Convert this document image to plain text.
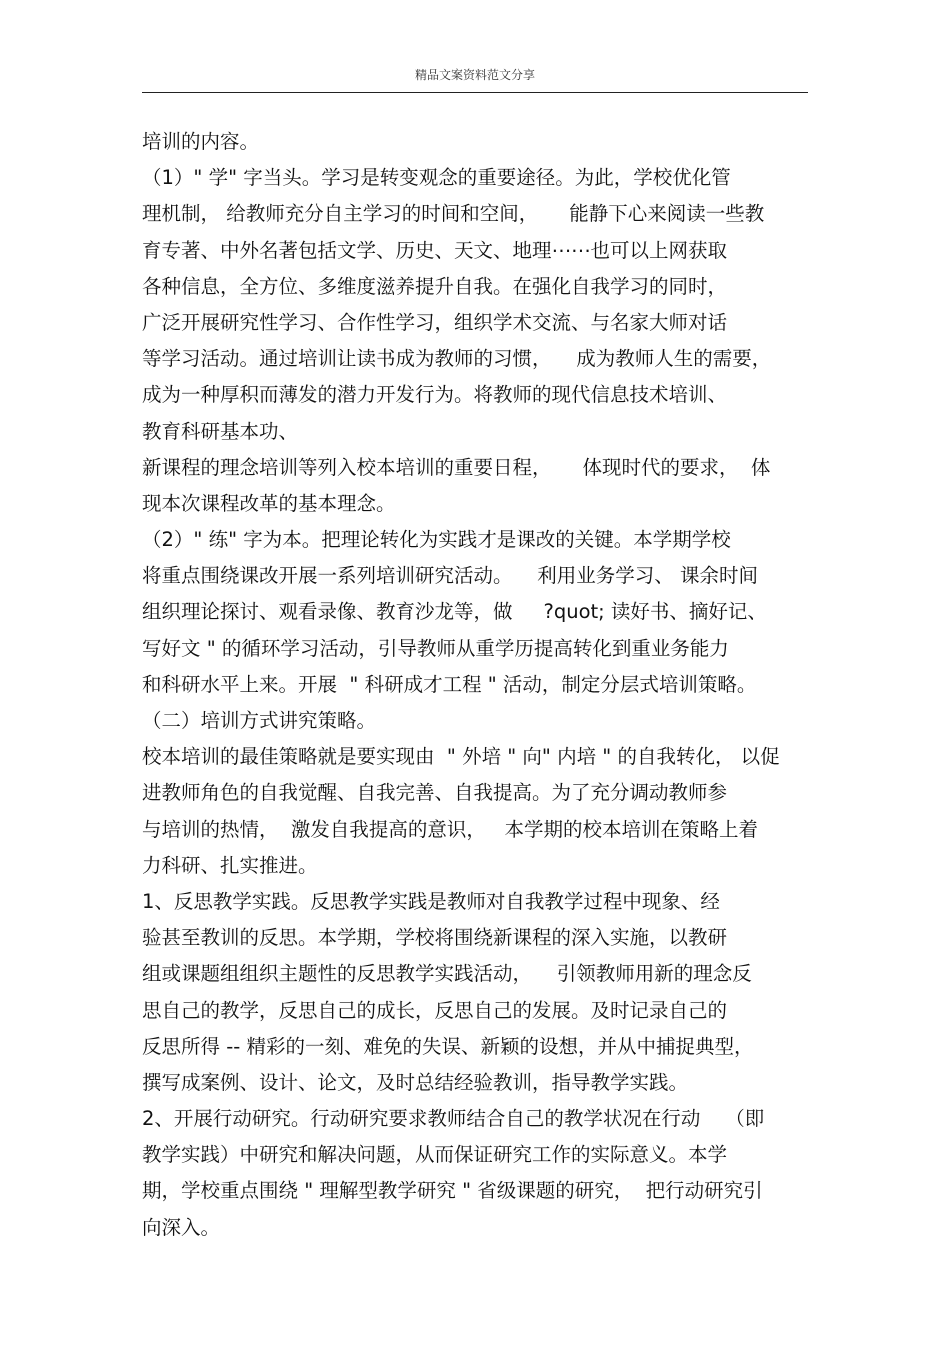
精品文案资料范文分享
培训的内容。
（1）" 学" 字当头。学习是转变观念的重要途径。为此，学校优化管
理机制， 给教师充分自主学习的时间和空间，     能静下心来阅读一些教
育专著、中外名著包括文学、历史、天文、地理⋯⋯也可以上网获取
各种信息，全方位、多维度滋养提升自我。在强化自我学习的同时，
广泛开展研究性学习、合作性学习，组织学术交流、与名家大师对话
等学习活动。通过培训让读书成为教师的习惯，    成为教师人生的需要，
成为一种厚积而薄发的潜力开发行为。将教师的现代信息技术培训、
教育科研基本功、
新课程的理念培训等列入校本培训的重要日程，     体现时代的要求，  体
现本次课程改革的基本理念。
（2）" 练" 字为本。把理论转化为实践才是课改的关键。本学期学校
将重点围绕课改开展一系列培训研究活动。    利用业务学习、 课余时间
组织理论探讨、观看录像、教育沙龙等，做     ?quot; 读好书、摘好记、
写好文 " 的循环学习活动，引导教师从重学历提高转化到重业务能力
和科研水平上来。开展  " 科研成才工程 " 活动，制定分层式培训策略。
（二）培训方式讲究策略。
校本培训的最佳策略就是要实现由  " 外培 " 向" 内培 " 的自我转化， 以促
进教师角色的自我觉醒、自我完善、自我提高。为了充分调动教师参
与培训的热情，  激发自我提高的意识，   本学期的校本培训在策略上着
力科研、扎实推进。
1、反思教学实践。反思教学实践是教师对自我教学过程中现象、经
验甚至教训的反思。本学期，学校将围绕新课程的深入实施，以教研
组或课题组组织主题性的反思教学实践活动，    引领教师用新的理念反
思自己的教学，反思自己的成长，反思自己的发展。及时记录自己的
反思所得 -- 精彩的一刻、难免的失误、新颖的设想，并从中捕捉典型，
撰写成案例、设计、论文，及时总结经验教训，指导教学实践。
2、开展行动研究。行动研究要求教师结合自己的教学状况在行动    （即
教学实践）中研究和解决问题，从而保证研究工作的实际意义。本学
期，学校重点围绕 " 理解型教学研究 " 省级课题的研究，  把行动研究引
向深入。
